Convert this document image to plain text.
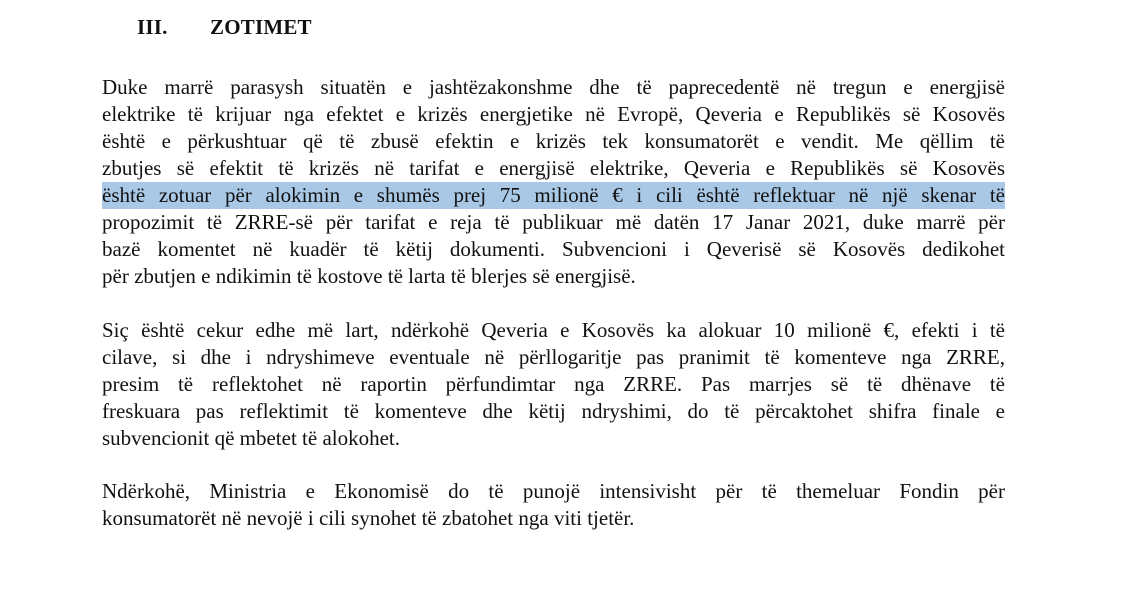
III. ZOTIMET
Duke marrë parasysh situatën e jashtëzakonshme dhe të paprecedentë në tregun e energjisë
elektrike të krijuar nga efektet e krizës energjetike në Evropë, Qeveria e Republikës së Kosovës
është e përkushtuar që të zbusë efektin e krizës tek konsumatorët e vendit. Me qëllim të
zbutjes së efektit të krizës në tarifat e energjisë elektrike, Qeveria e Republikës së Kosovës
është zotuar për alokimin e shumës prej 75 milionë € i cili është reflektuar në një skenar të
propozimit të ZRRE-së për tarifat e reja të publikuar më datën 17 Janar 2021, duke marrë për
bazë komentet në kuadër të këtij dokumenti. Subvencioni i Qeverisë së Kosovës dedikohet
për zbutjen e ndikimin të kostove të larta të blerjes së energjisë.
Siç është cekur edhe më lart, ndërkohë Qeveria e Kosovës ka alokuar 10 milionë €, efekti i të
cilave, si dhe i ndryshimeve eventuale në përllogaritje pas pranimit të komenteve nga ZRRE,
presim të reflektohet në raportin përfundimtar nga ZRRE. Pas marrjes së të dhënave të
freskuara pas reflektimit të komenteve dhe këtij ndryshimi, do të përcaktohet shifra finale e
subvencionit që mbetet të alokohet.
Ndërkohë, Ministria e Ekonomisë do të punojë intensivisht për të themeluar Fondin për
konsumatorët në nevojë i cili synohet të zbatohet nga viti tjetër.
